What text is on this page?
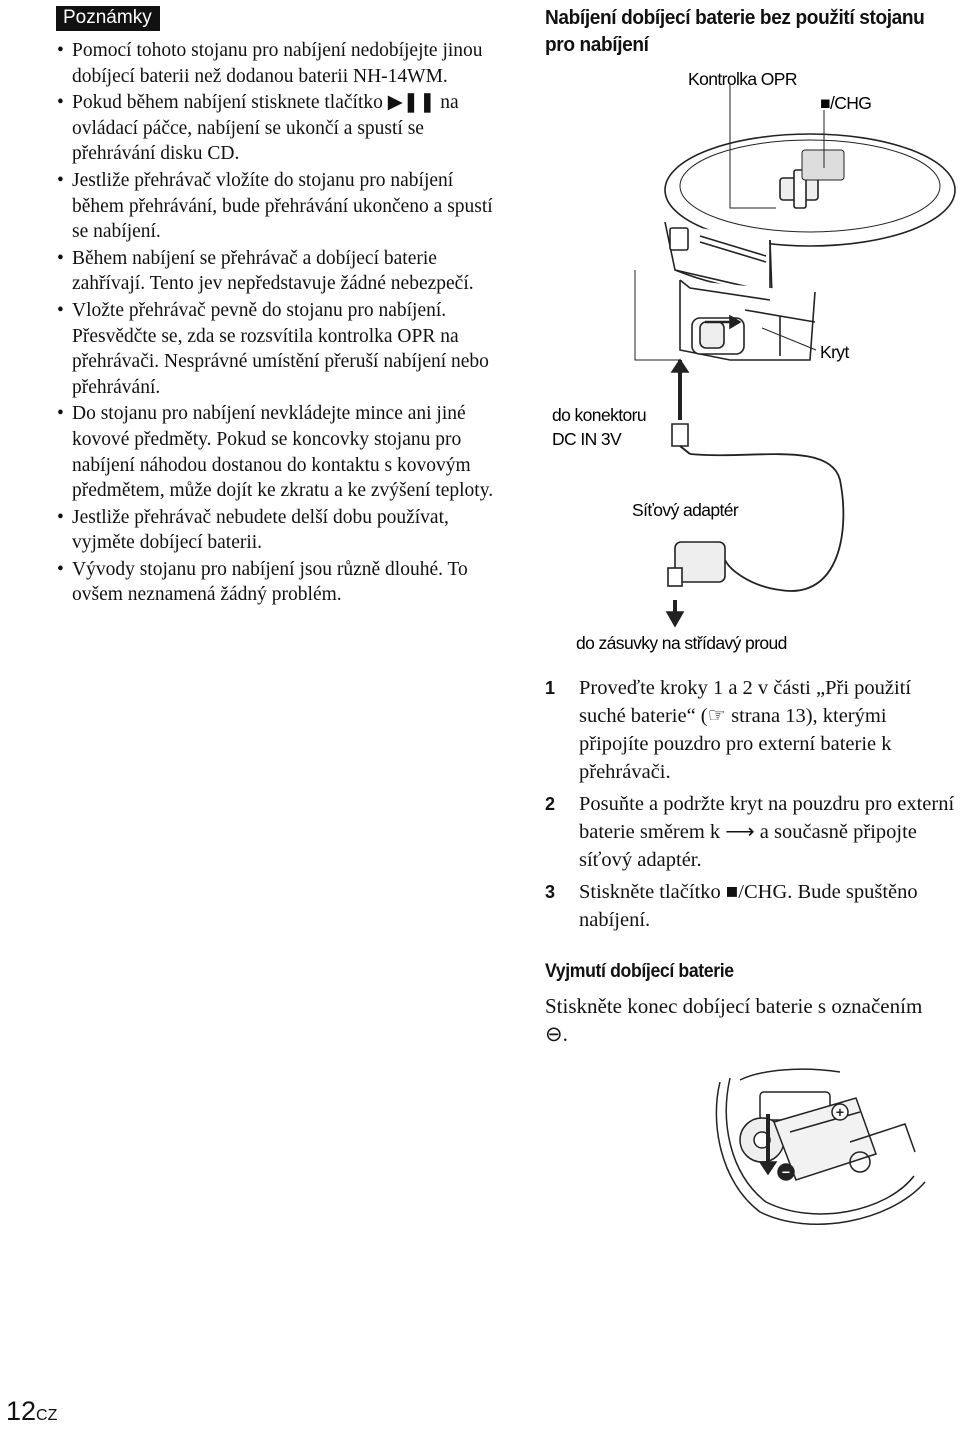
Poznámky
• Pomocí tohoto stojanu pro nabíjení nedobíjejte jinou dobíjecí baterii než dodanou baterii NH-14WM.
• Pokud během nabíjení stisknete tlačítko ▶❚❚ na ovládací páčce, nabíjení se ukončí a spustí se přehrávání disku CD.
• Jestliže přehrávač vložíte do stojanu pro nabíjení během přehrávání, bude přehrávání ukončeno a spustí se nabíjení.
• Během nabíjení se přehrávač a dobíjecí baterie zahřívají. Tento jev nepředstavuje žádné nebezpečí.
• Vložte přehrávač pevně do stojanu pro nabíjení. Přesvědčte se, zda se rozsvítila kontrolka OPR na přehrávači. Nesprávné umístění přeruší nabíjení nebo přehrávání.
• Do stojanu pro nabíjení nevkládejte mince ani jiné kovové předměty. Pokud se koncovky stojanu pro nabíjení náhodou dostanou do kontaktu s kovovým předmětem, může dojít ke zkratu a ke zvýšení teploty.
• Jestliže přehrávač nebudete delší dobu používat, vyjměte dobíjecí baterii.
• Vývody stojanu pro nabíjení jsou různě dlouhé. To ovšem neznamená žádný problém.
Nabíjení dobíjecí baterie bez použití stojanu pro nabíjení
Kontrolka OPR
■/CHG
Kryt
do konektoru
DC IN 3V
Síťový adaptér
do zásuvky na střídavý proud
1 Proveďte kroky 1 a 2 v části „Při použití suché baterie“ (☞ strana 13), kterými připojíte pouzdro pro externí baterie k přehrávači.
2 Posuňte a podržte kryt na pouzdru pro externí baterie směrem k ⟶ a současně připojte síťový adaptér.
3 Stiskněte tlačítko ■/CHG. Bude spuštěno nabíjení.
Vyjmutí dobíjecí baterie
Stiskněte konec dobíjecí baterie s označením ⊖.
+
−
12CZ
